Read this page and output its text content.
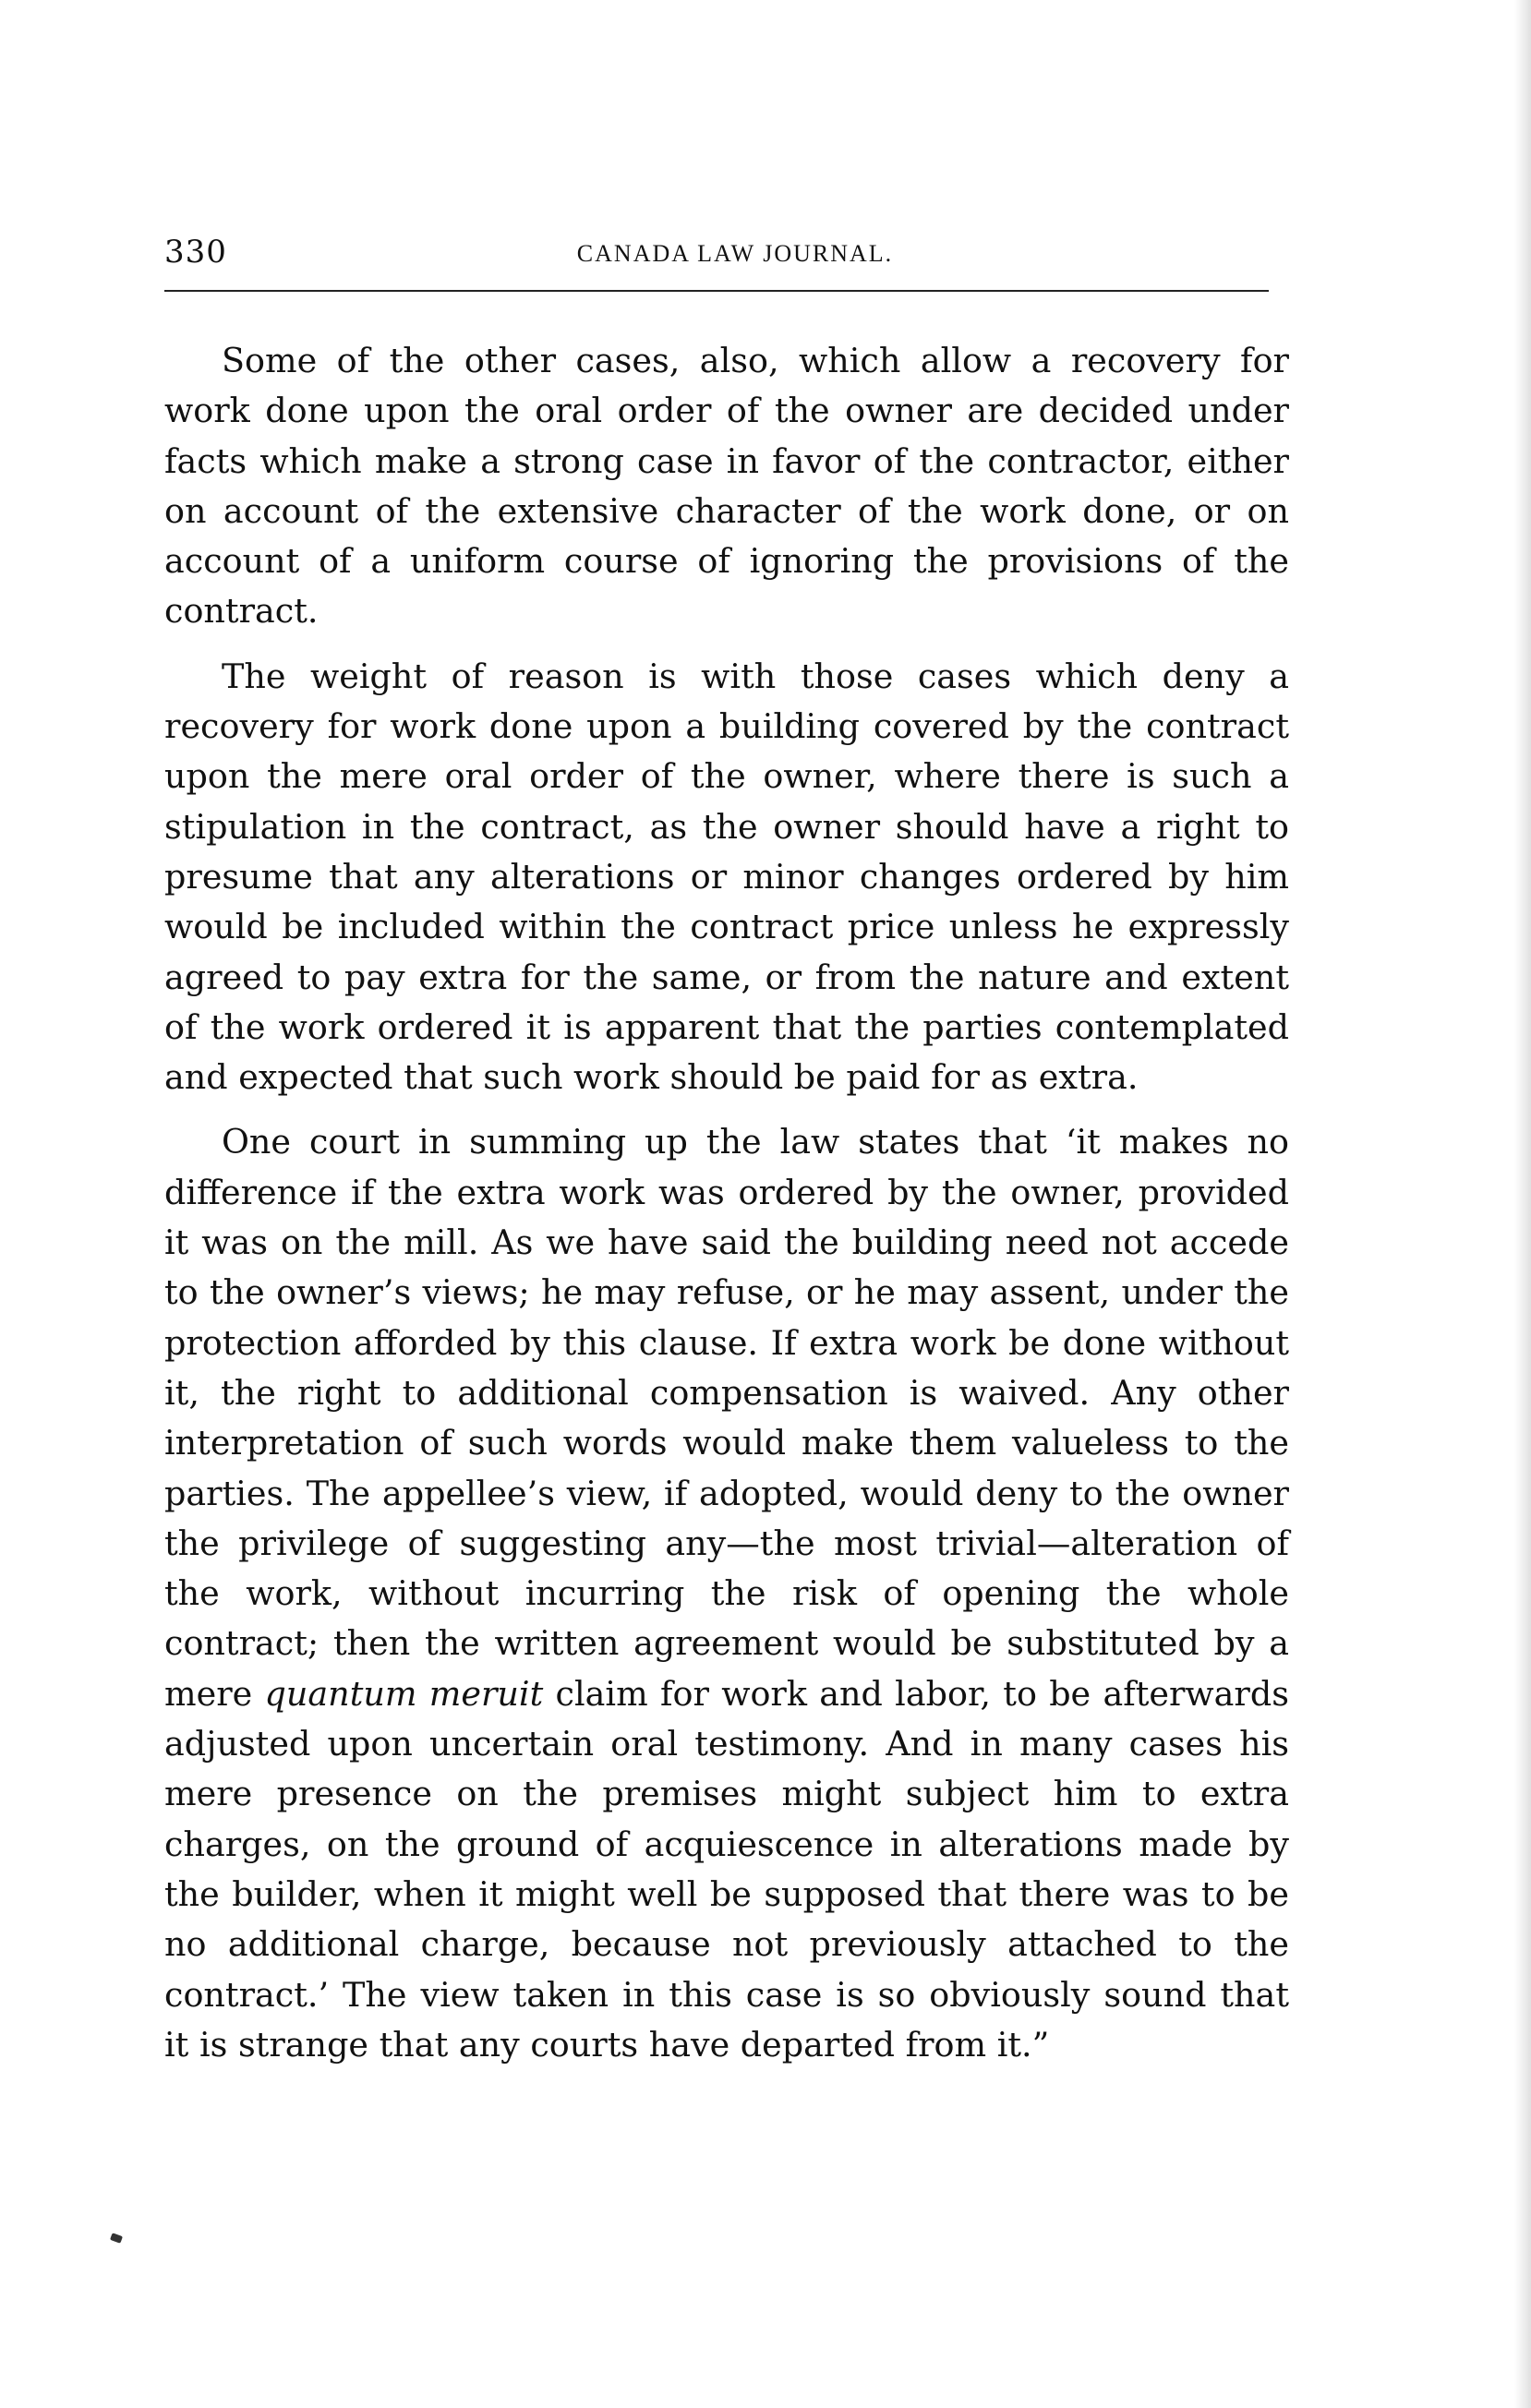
330	CANADA LAW JOURNAL.

Some of the other cases, also, which allow a recovery for work done upon the oral order of the owner are decided under facts which make a strong case in favor of the contractor, either on account of the extensive character of the work done, or on account of a uniform course of ignoring the provisions of the contract.

The weight of reason is with those cases which deny a recovery for work done upon a building covered by the contract upon the mere oral order of the owner, where there is such a stipulation in the contract, as the owner should have a right to presume that any alterations or minor changes ordered by him would be included within the contract price unless he expressly agreed to pay extra for the same, or from the nature and extent of the work ordered it is apparent that the parties contemplated and expected that such work should be paid for as extra.

One court in summing up the law states that ‘it makes no difference if the extra work was ordered by the owner, provided it was on the mill. As we have said the building need not accede to the owner’s views; he may refuse, or he may assent, under the protection afforded by this clause. If extra work be done without it, the right to additional compensation is waived. Any other interpretation of such words would make them valueless to the parties. The appellee’s view, if adopted, would deny to the owner the privilege of suggesting any—the most trivial—alteration of the work, without incurring the risk of opening the whole contract; then the written agreement would be substituted by a mere quantum meruit claim for work and labor, to be afterwards adjusted upon uncertain oral testimony. And in many cases his mere presence on the premises might subject him to extra charges, on the ground of acquiescence in alterations made by the builder, when it might well be supposed that there was to be no additional charge, because not previously attached to the contract.’ The view taken in this case is so obviously sound that it is strange that any courts have departed from it.”
